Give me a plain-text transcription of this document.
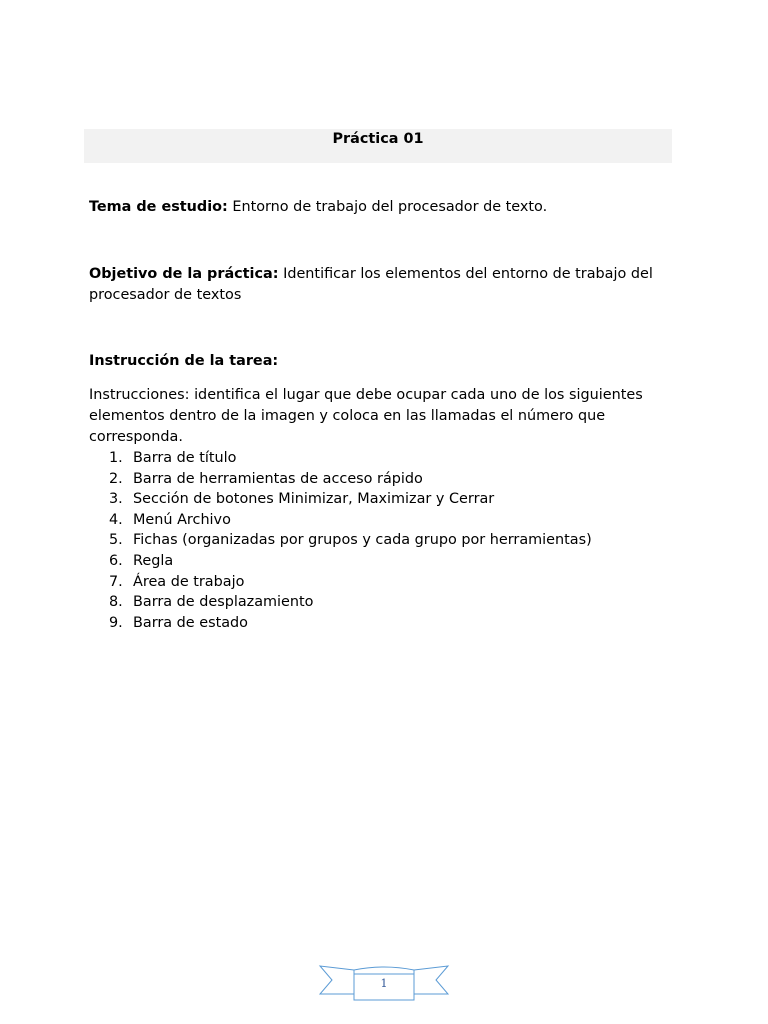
Práctica 01
Tema de estudio: Entorno de trabajo del procesador de texto.
Objetivo de la práctica: Identificar los elementos del entorno de trabajo del procesador de textos
Instrucción de la tarea:

Instrucciones: identifica el lugar que debe ocupar cada uno de los siguientes elementos dentro de la imagen y coloca en las llamadas el número que corresponda.

1. Barra de título
2. Barra de herramientas de acceso rápido
3. Sección de botones Minimizar, Maximizar y Cerrar
4. Menú Archivo
5. Fichas (organizadas por grupos y cada grupo por herramientas)
6. Regla
7. Área de trabajo
8. Barra de desplazamiento
9. Barra de estado
1
